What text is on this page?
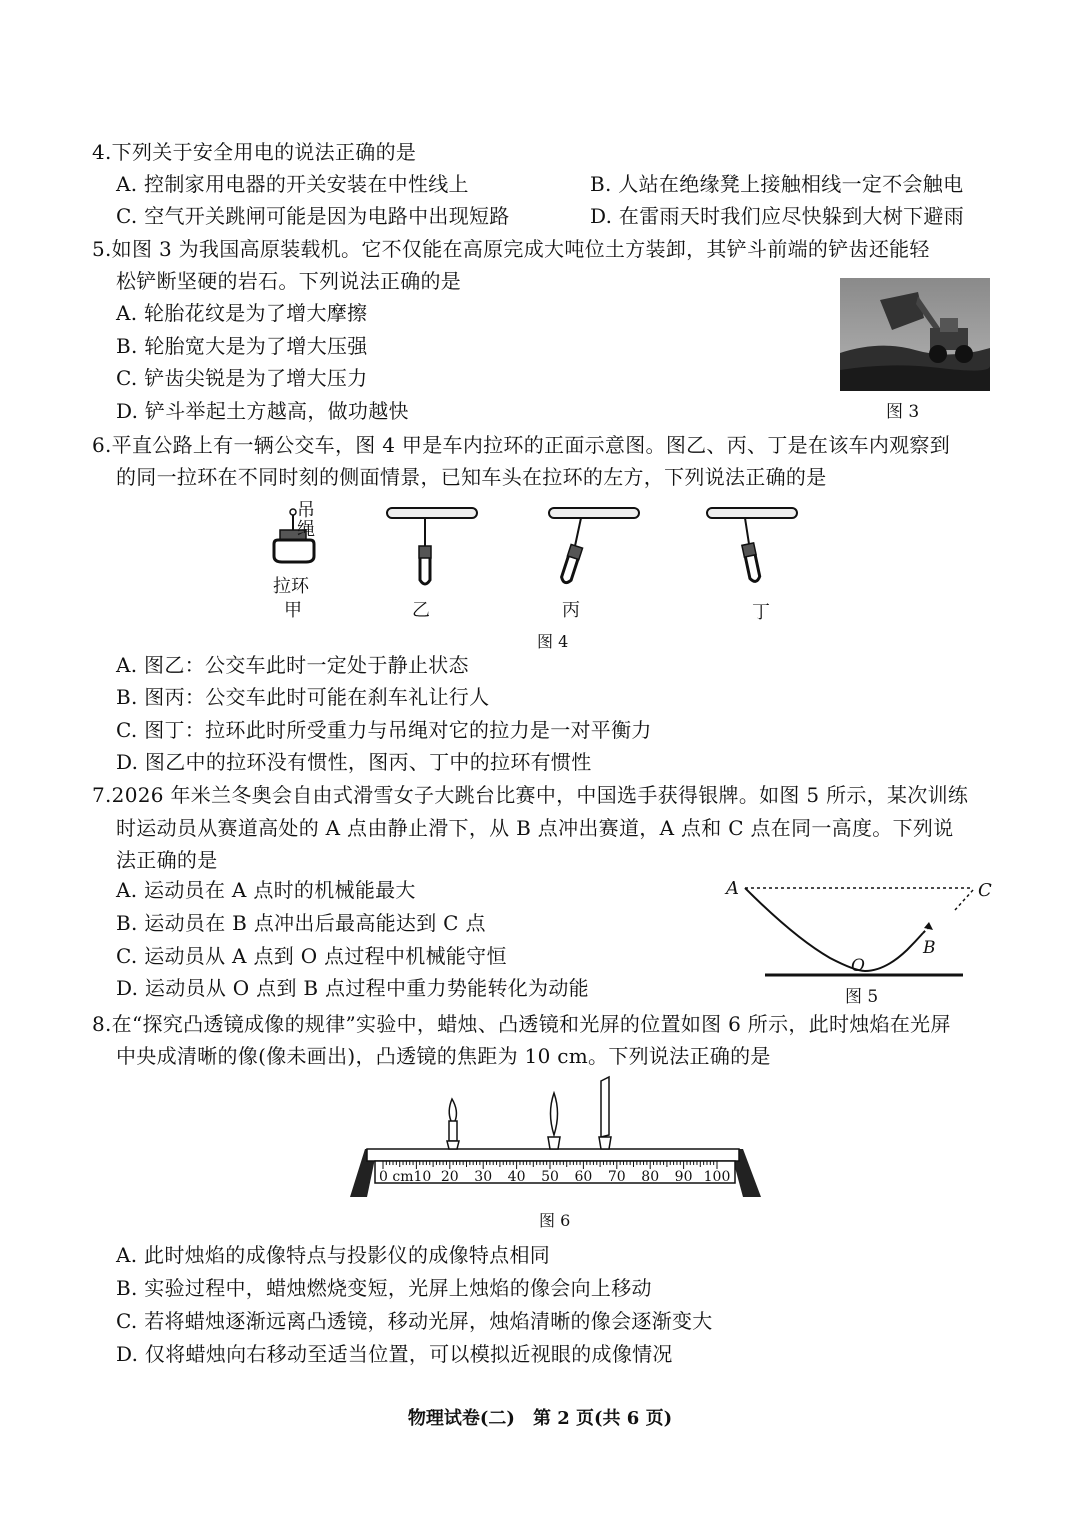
4.下列关于安全用电的说法正确的是
A. 控制家用电器的开关安装在中性线上	B. 人站在绝缘凳上接触相线一定不会触电
C. 空气开关跳闸可能是因为电路中出现短路	D. 在雷雨天时我们应尽快躲到大树下避雨
5.如图 3 为我国高原装载机。它不仅能在高原完成大吨位土方装卸，其铲斗前端的铲齿还能轻
松铲断坚硬的岩石。下列说法正确的是
A. 轮胎花纹是为了增大摩擦
B. 轮胎宽大是为了增大压强
C. 铲齿尖锐是为了增大压力
D. 铲斗举起土方越高，做功越快	图 3
6.平直公路上有一辆公交车，图 4 甲是车内拉环的正面示意图。图乙、丙、丁是在该车内观察到
的同一拉环在不同时刻的侧面情景，已知车头在拉环的左方，下列说法正确的是
吊
绳
拉环
甲	乙	丙	丁
图 4
A. 图乙：公交车此时一定处于静止状态
B. 图丙：公交车此时可能在刹车礼让行人
C. 图丁：拉环此时所受重力与吊绳对它的拉力是一对平衡力
D. 图乙中的拉环没有惯性，图丙、丁中的拉环有惯性
7.2026 年米兰冬奥会自由式滑雪女子大跳台比赛中，中国选手获得银牌。如图 5 所示，某次训练
时运动员从赛道高处的 A 点由静止滑下，从 B 点冲出赛道，A 点和 C 点在同一高度。下列说
法正确的是
A. 运动员在 A 点时的机械能最大
B. 运动员在 B 点冲出后最高能达到 C 点
C. 运动员从 A 点到 O 点过程中机械能守恒
D. 运动员从 O 点到 B 点过程中重力势能转化为动能
A	C
B
O
图 5
8.在“探究凸透镜成像的规律”实验中，蜡烛、凸透镜和光屏的位置如图 6 所示，此时烛焰在光屏
中央成清晰的像(像未画出)，凸透镜的焦距为 10 cm。下列说法正确的是
0 cm10 20 30 40 50 60 70 80 90 100
图 6
A. 此时烛焰的成像特点与投影仪的成像特点相同
B. 实验过程中，蜡烛燃烧变短，光屏上烛焰的像会向上移动
C. 若将蜡烛逐渐远离凸透镜，移动光屏，烛焰清晰的像会逐渐变大
D. 仅将蜡烛向右移动至适当位置，可以模拟近视眼的成像情况
物理试卷(二)　第 2 页(共 6 页)
